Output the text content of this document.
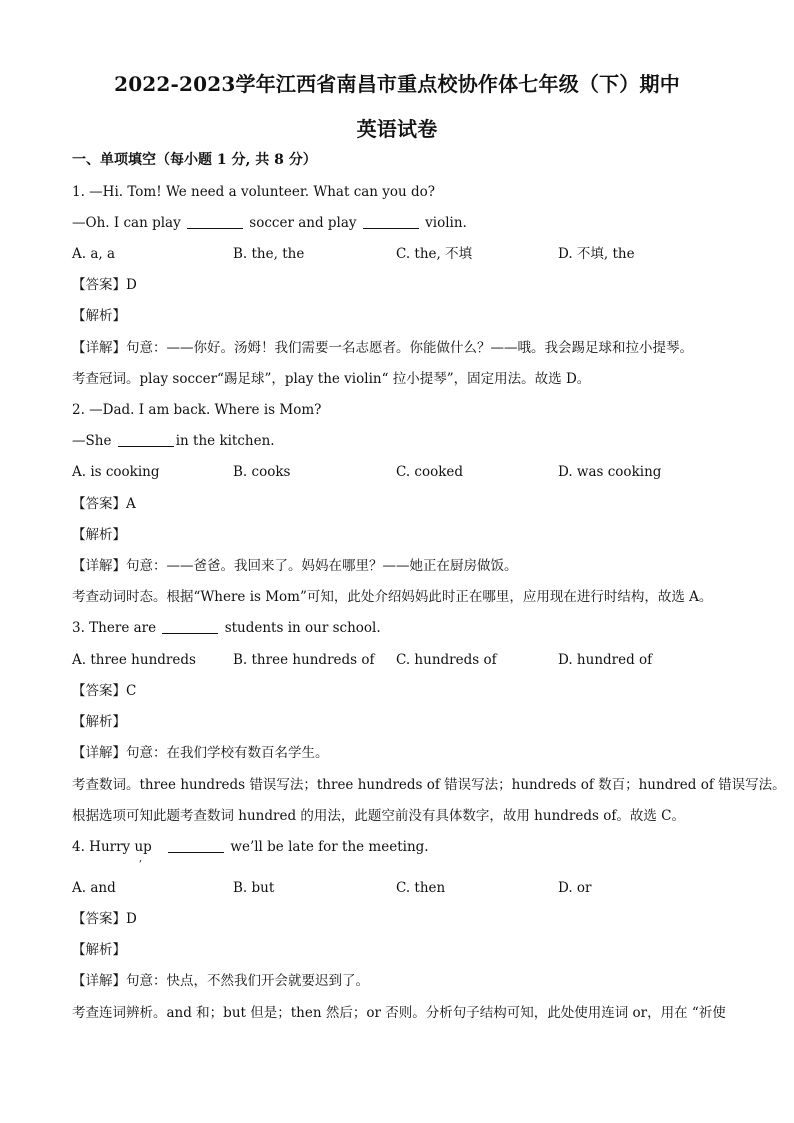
2022-2023学年江西省南昌市重点校协作体七年级（下）期中
英语试卷
一、单项填空（每小题 1 分, 共 8 分）
1. —Hi. Tom! We need a volunteer. What can you do?
—Oh. I can play	soccer and play	violin.
A. a, a	B. the, the	C. the, 不填	D. 不填, the
【答案】D
【解析】
【详解】句意：——你好。汤姆！我们需要一名志愿者。你能做什么？——哦。我会踢足球和拉小提琴。
考查冠词。play soccer“踢足球”，play the violin“ 拉小提琴”，固定用法。故选 D。
2. —Dad. I am back. Where is Mom?
—She	in the kitchen.
A. is cooking	B. cooks	C. cooked	D. was cooking
【答案】A
【解析】
【详解】句意：——爸爸。我回来了。妈妈在哪里？——她正在厨房做饭。
考查动词时态。根据“Where is Mom”可知，此处介绍妈妈此时正在哪里，应用现在进行时结构，故选 A。
3. There are	students in our school.
A. three hundreds	B. three hundreds of C. hundreds of	D. hundred of
【答案】C
【解析】
【详解】句意：在我们学校有数百名学生。
考查数词。three hundreds 错误写法；three hundreds of 错误写法；hundreds of 数百；hundred of 错误写法。
根据选项可知此题考查数词 hundred 的用法，此题空前没有具体数字，故用 hundreds of。故选 C。
4. Hurry up	we’ll be late for the meeting.
,
A. and	B. but	C. then	D. or
【答案】D
【解析】
【详解】句意：快点，不然我们开会就要迟到了。
考查连词辨析。and 和；but 但是；then 然后；or 否则。分析句子结构可知，此处使用连词 or，用在 “祈使
